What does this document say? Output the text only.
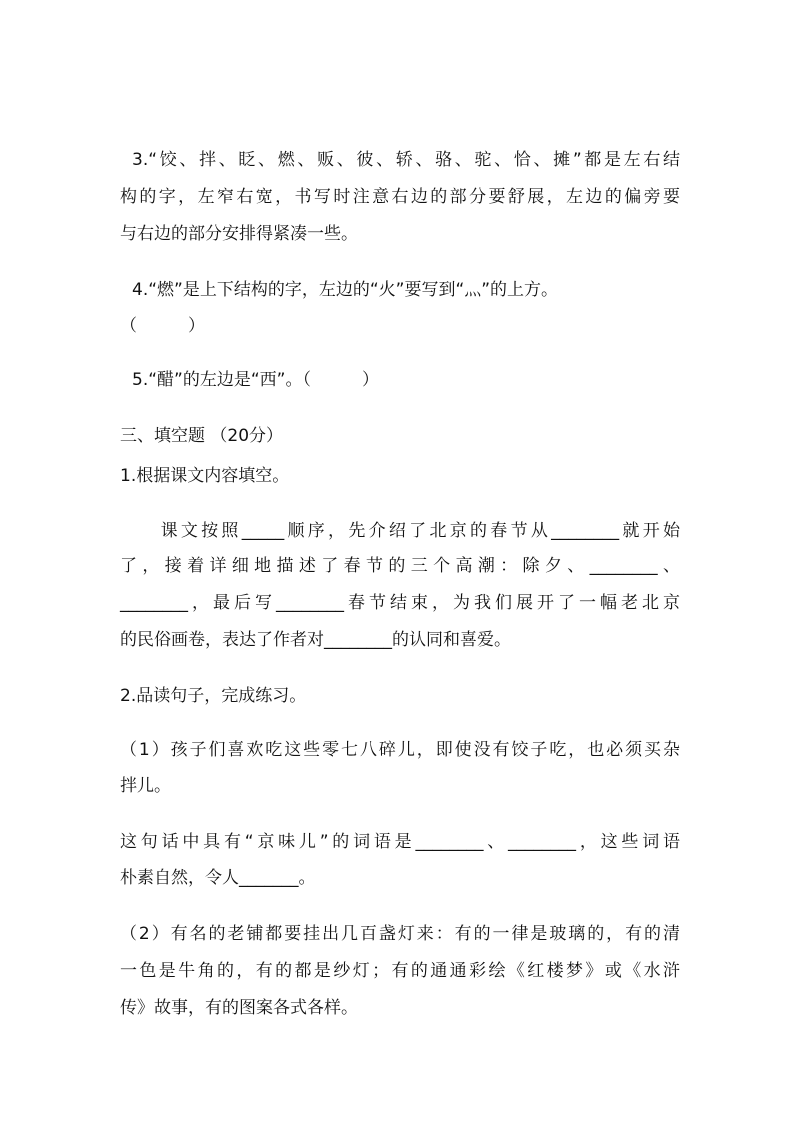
3.“饺、拌、眨、燃、贩、彼、轿、骆、驼、恰、摊”都是左右结
构的字，左窄右宽，书写时注意右边的部分要舒展，左边的偏旁要
与右边的部分安排得紧凑一些。
4.“燃”是上下结构的字，左边的“火”要写到“灬”的上方。
（　　　）
5.“醋”的左边是“西”。（　　　）
三、填空题 （20分）
1.根据课文内容填空。
　　课文按照_____顺序，先介绍了北京的春节从________就开始
了，接着详细地描述了春节的三个高潮：除夕、________、
________，最后写________春节结束，为我们展开了一幅老北京
的民俗画卷，表达了作者对________的认同和喜爱。
2.品读句子，完成练习。
（1）孩子们喜欢吃这些零七八碎儿，即使没有饺子吃，也必须买杂
拌儿。
这句话中具有“京味儿”的词语是________、________，这些词语
朴素自然，令人_______。
（2）有名的老铺都要挂出几百盏灯来：有的一律是玻璃的，有的清
一色是牛角的，有的都是纱灯；有的通通彩绘《红楼梦》或《水浒
传》故事，有的图案各式各样。
